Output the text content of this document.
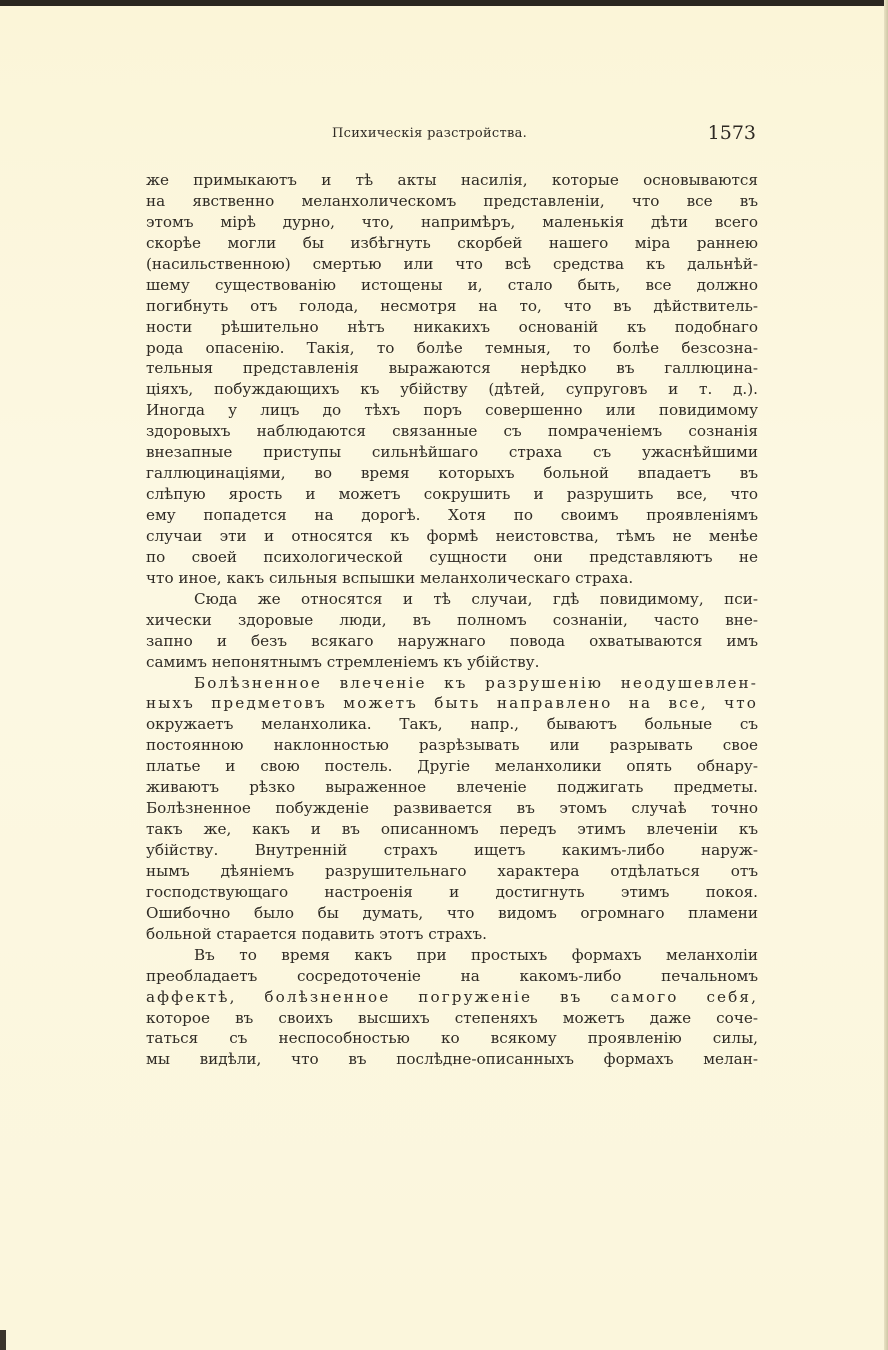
Психическія разстройства.	1573
же примыкаютъ и тѣ акты насилія, которые основываются
на явственно меланхолическомъ представленіи, что все въ
этомъ мірѣ дурно, что, напримѣръ, маленькія дѣти всего
скорѣе могли бы избѣгнуть скорбей нашего міра раннею
(насильственною) смертью или что всѣ средства къ дальнѣй-
шему существованію истощены и, стало быть, все должно
погибнуть отъ голода, несмотря на то, что въ дѣйствитель-
ности рѣшительно нѣтъ никакихъ основаній къ подобнаго
рода опасенію. Такія, то болѣе темныя, то болѣе безсозна-
тельныя представленія выражаются нерѣдко въ галлюцина-
ціяхъ, побуждающихъ къ убійству (дѣтей, супруговъ и т. д.).
Иногда у лицъ до тѣхъ поръ совершенно или повидимому
здоровыхъ наблюдаются связанные съ помраченіемъ сознанія
внезапные приступы сильнѣйшаго страха съ ужаснѣйшими
галлюцинаціями, во время которыхъ больной впадаетъ въ
слѣпую ярость и можетъ сокрушить и разрушить все, что
ему попадется на дорогѣ. Хотя по своимъ проявленіямъ
случаи эти и относятся къ формѣ неистовства, тѣмъ не менѣе
по своей психологической сущности они представляютъ не
что иное, какъ сильныя вспышки меланхолическаго страха.
Сюда же относятся и тѣ случаи, гдѣ повидимому, пси-
хически здоровые люди, въ полномъ сознаніи, часто вне-
запно и безъ всякаго наружнаго повода охватываются имъ
самимъ непонятнымъ стремленіемъ къ убійству.
Болѣзненное влеченіе къ разрушенію неодушевлен-
ныхъ предметовъ можетъ быть направлено на все, что
окружаетъ меланхолика. Такъ, напр., бываютъ больные съ
постоянною наклонностью разрѣзывать или разрывать свое
платье и свою постель. Другіе меланхолики опять обнару-
живаютъ рѣзко выраженное влеченіе поджигать предметы.
Болѣзненное побужденіе развивается въ этомъ случаѣ точно
такъ же, какъ и въ описанномъ передъ этимъ влеченіи къ
убійству. Внутренній страхъ ищетъ какимъ-либо наруж-
нымъ дѣяніемъ разрушительнаго характера отдѣлаться отъ
господствующаго настроенія и достигнуть этимъ покоя.
Ошибочно было бы думать, что видомъ огромнаго пламени
больной старается подавить этотъ страхъ.
Въ то время какъ при простыхъ формахъ меланхоліи
преобладаетъ сосредоточеніе на какомъ-либо печальномъ
аффектѣ, болѣзненное погруженіе въ самого себя,
которое въ своихъ высшихъ степеняхъ можетъ даже соче-
таться съ неспособностью ко всякому проявленію силы,
мы видѣли, что въ послѣдне-описанныхъ формахъ мелан-
